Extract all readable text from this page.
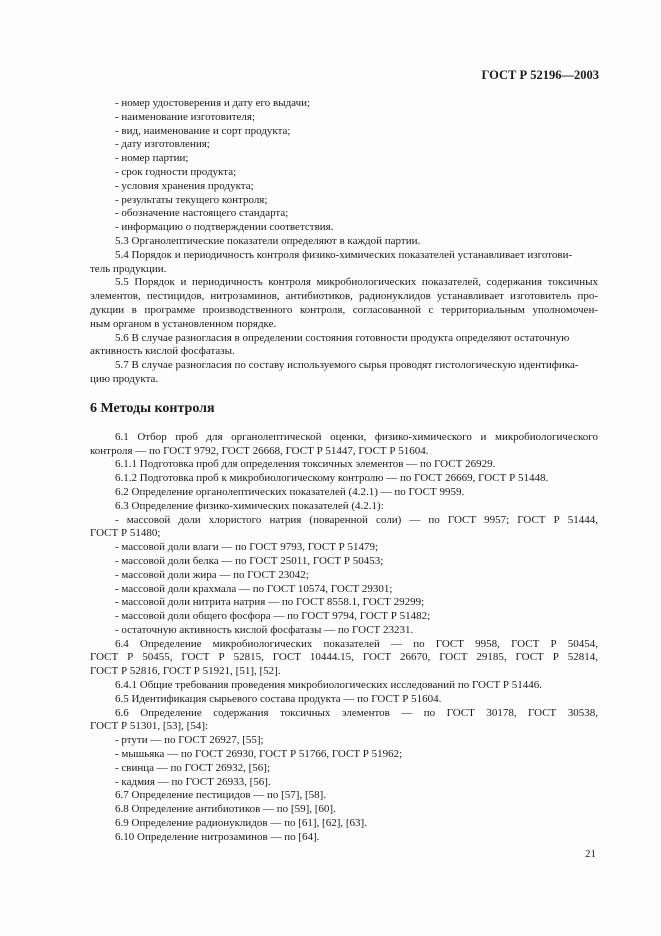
ГОСТ Р 52196—2003
- номер удостоверения и дату его выдачи;
- наименование изготовителя;
- вид, наименование и сорт продукта;
- дату изготовления;
- номер партии;
- срок годности продукта;
- условия хранения продукта;
- результаты текущего контроля;
- обозначение настоящего стандарта;
- информацию о подтверждении соответствия.
5.3 Органолептические показатели определяют в каждой партии.
5.4 Порядок и периодичность контроля физико-химических показателей устанавливает изготови-
тель продукции.
5.5 Порядок и периодичность контроля микробиологических показателей, содержания токсичных
элементов, пестицидов, нитрозаминов, антибиотиков, радионуклидов устанавливает изготовитель про-
дукции в программе производственного контроля, согласованной с территориальным уполномочен-
ным органом в установленном порядке.
5.6 В случае разногласия в определении состояния готовности продукта определяют остаточную
активность кислой фосфатазы.
5.7 В случае разногласия по составу используемого сырья проводят гистологическую идентифика-
цию продукта.
6 Методы контроля
6.1 Отбор проб для органолептической оценки, физико-химического и микробиологического
контроля — по ГОСТ 9792, ГОСТ 26668, ГОСТ Р 51447, ГОСТ Р 51604.
6.1.1 Подготовка проб для определения токсичных элементов — по ГОСТ 26929.
6.1.2 Подготовка проб к микробиологическому контролю — по ГОСТ 26669, ГОСТ Р 51448.
6.2 Определение органолептических показателей (4.2.1) — по ГОСТ 9959.
6.3 Определение физико-химических показателей (4.2.1):
- массовой доли хлористого натрия (поваренной соли) — по ГОСТ 9957; ГОСТ Р 51444,
ГОСТ Р 51480;
- массовой доли влаги — по ГОСТ 9793, ГОСТ Р 51479;
- массовой доли белка — по ГОСТ 25011, ГОСТ Р 50453;
- массовой доли жира — по ГОСТ 23042;
- массовой доли крахмала — по ГОСТ 10574, ГОСТ 29301;
- массовой доли нитрита натрия — по ГОСТ 8558.1, ГОСТ 29299;
- массовой доли общего фосфора — по ГОСТ 9794, ГОСТ Р 51482;
- остаточную активность кислой фосфатазы — по ГОСТ 23231.
6.4 Определение микробиологических показателей — по ГОСТ 9958, ГОСТ Р 50454,
ГОСТ Р 50455, ГОСТ Р 52815, ГОСТ 10444.15, ГОСТ 26670, ГОСТ 29185, ГОСТ Р 52814,
ГОСТ Р 52816, ГОСТ Р 51921, [51], [52].
6.4.1 Общие требования проведения микробиологических исследований по ГОСТ Р 51446.
6.5 Идентификация сырьевого состава продукта — по ГОСТ Р 51604.
6.6 Определение содержания токсичных элементов — по ГОСТ 30178, ГОСТ 30538,
ГОСТ Р 51301, [53], [54]:
- ртути — по ГОСТ 26927, [55];
- мышьяка — по ГОСТ 26930, ГОСТ Р 51766, ГОСТ Р 51962;
- свинца — по ГОСТ 26932, [56];
- кадмия — по ГОСТ 26933, [56].
6.7 Определение пестицидов — по [57], [58].
6.8 Определение антибиотиков — по [59], [60].
6.9 Определение радионуклидов — по [61], [62], [63].
6.10 Определение нитрозаминов — по [64].
21
